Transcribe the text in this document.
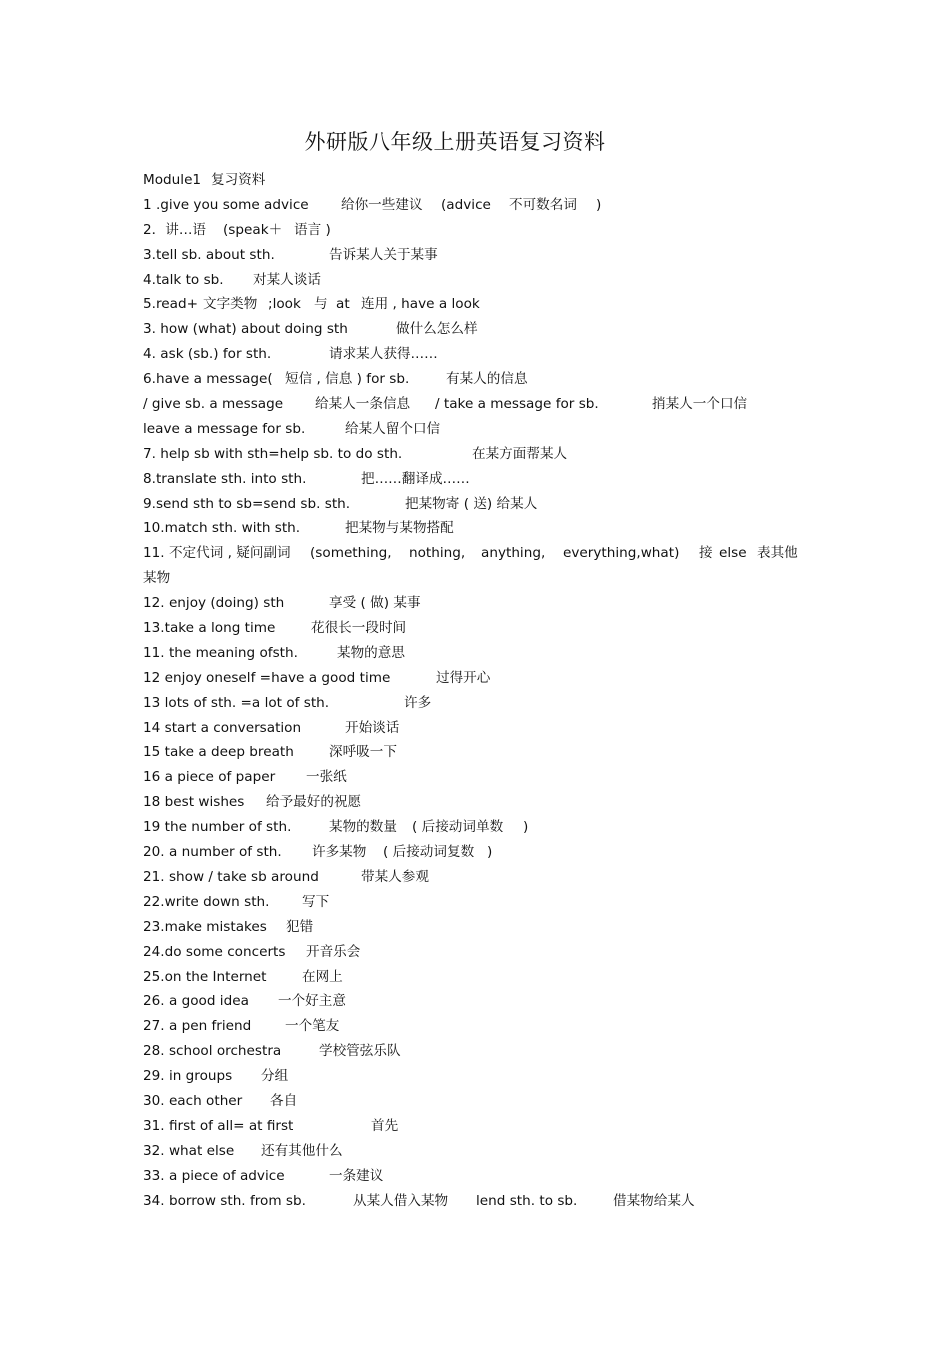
外研版八年级上册英语复习资料
Module1 复习资料
1 .give you some advice 给你一些建议 (advice 不可数名词 )
2．讲…语 (speak＋ 语言 )
3.tell sb. about sth.	告诉某人关于某事
4.talk to sb. 对某人谈话
5.read+ 文字类物 ;look 与 at 连用 , have a look
3. how (what) about doing sth	做什么怎么样
4. ask (sb.) for sth.	请求某人获得……
6.have a message( 短信 , 信息 ) for sb.	有某人的信息
/ give sb. a message 给某人一条信息 / take a message for sb.	捎某人一个口信
leave a message for sb.	给某人留个口信
7. help sb with sth=help sb. to do sth.	在某方面帮某人
8.translate sth. into sth.	把……翻译成……
9.send sth to sb=send sb. sth.	把某物寄 ( 送) 给某人
10.match sth. with sth.	把某物与某物搭配
11. 不定代词 , 疑问副词 (something, nothing, anything, everything,what) 接 else 表其他
某物
12. enjoy (doing) sth	享受 ( 做) 某事
13.take a long time	花很长一段时间
11. the meaning ofsth.	某物的意思
12 enjoy oneself =have a good time	过得开心
13 lots of sth. =a lot of sth.	许多
14 start a conversation	开始谈话
15 take a deep breath	深呼吸一下
16 a piece of paper 一张纸
18 best wishes 给予最好的祝愿
19 the number of sth.	某物的数量 ( 后接动词单数 )
20. a number of sth. 许多某物 ( 后接动词复数 )
21. show / take sb around	带某人参观
22.write down sth. 写下
23.make mistakes 犯错
24.do some concerts 开音乐会
25.on the Internet	在网上
26. a good idea 一个好主意
27. a pen friend 一个笔友
28. school orchestra	学校管弦乐队
29. in groups 分组
30. each other 各自
31. first of all= at first	首先
32. what else 还有其他什么
33. a piece of advice	一条建议
34. borrow sth. from sb.	从某人借入某物 lend sth. to sb.	借某物给某人
